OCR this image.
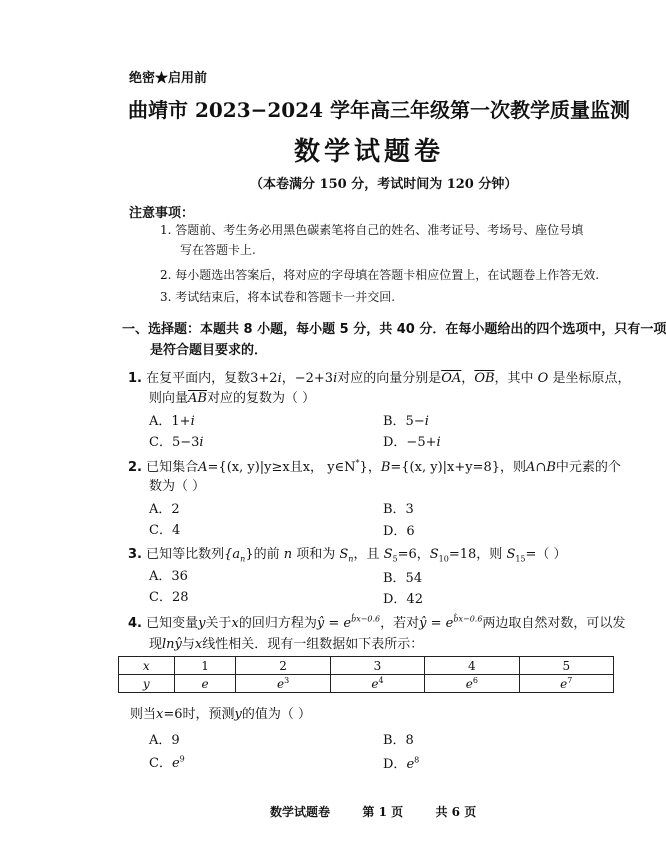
绝密★启用前
曲靖市 2023−2024 学年高三年级第一次教学质量监测
数学试题卷
（本卷满分 150 分，考试时间为 120 分钟）
注意事项：
1. 答题前、考生务必用黑色碳素笔将自己的姓名、准考证号、考场号、座位号填
写在答题卡上.
2. 每小题选出答案后，将对应的字母填在答题卡相应位置上，在试题卷上作答无效.
3. 考试结束后，将本试卷和答题卡一并交回.
一、选择题：本题共 8 小题，每小题 5 分，共 40 分．在每小题给出的四个选项中，只有一项
是符合题目要求的．
1. 在复平面内，复数3+2i，−2+3i对应的向量分别是$\overline{OA}$，$\overline{OB}$，其中 O 是坐标原点，
则向量$\overline{AB}$对应的复数为（ ）
A．1+i	B．5−i
C．5−3i	D．−5+i
2. 已知集合A={(x, y)|y≥x且x， y∈N*}，B={(x, y)|x+y=8}，则A∩B中元素的个
数为（ ）
A．2	B．3
C．4	D．6
3. 已知等比数列$\{a_n\}$的前 n 项和为 $S_n$，且 $S_5=6$，$S_{10}=18$，则 $S_{15}=$（ ）
A．36	B．54
C．28	D．42
4. 已知变量y关于x的回归方程为ŷ = $e^{b̂x-0.6}$，若对ŷ = $e^{b̂x-0.6}$两边取自然对数，可以发
现lnŷ与x线性相关．现有一组数据如下表所示：
x	1	2	3	4	5
y	e	$e^3$	$e^4$	$e^6$	$e^7$
则当x=6时，预测y的值为（ ）
A．9	B．8
C．$e^9$	D．$e^8$
数学试题卷	第 1 页	共 6 页
